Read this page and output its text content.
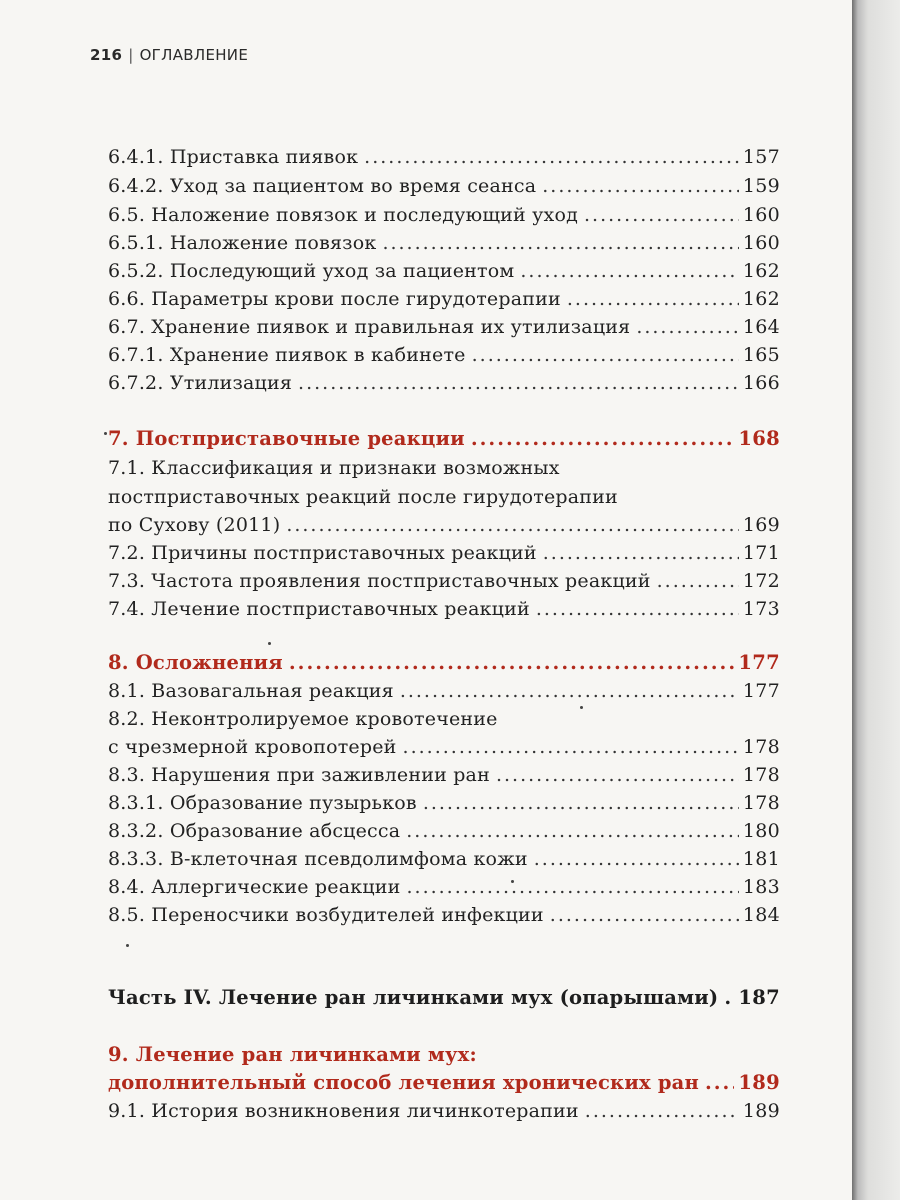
216 | ОГЛАВЛЕНИЕ
6.4.1. Приставка пиявок .....	157
6.4.2. Уход за пациентом во время сеанса .....	159
6.5. Наложение повязок и последующий уход .....	160
6.5.1. Наложение повязок .....	160
6.5.2. Последующий уход за пациентом .....	162
6.6. Параметры крови после гирудотерапии .....	162
6.7. Хранение пиявок и правильная их утилизация .....	164
6.7.1. Хранение пиявок в кабинете .....	165
6.7.2. Утилизация .....	166
7. Постприставочные реакции .....	168
7.1. Классификация и признаки возможных
постприставочных реакций после гирудотерапии
по Сухову (2011) .....	169
7.2. Причины постприставочных реакций .....	171
7.3. Частота проявления постприставочных реакций .....	172
7.4. Лечение постприставочных реакций .....	173
8. Осложнения .....	177
8.1. Вазовагальная реакция .....	177
8.2. Неконтролируемое кровотечение
с чрезмерной кровопотерей .....	178
8.3. Нарушения при заживлении ран .....	178
8.3.1. Образование пузырьков .....	178
8.3.2. Образование абсцесса .....	180
8.3.3. В-клеточная псевдолимфома кожи .....	181
8.4. Аллергические реакции .....	183
8.5. Переносчики возбудителей инфекции .....	184
Часть IV. Лечение ран личинками мух (опарышами) ..... 187
9. Лечение ран личинками мух:
дополнительный способ лечения хронических ран ..... 189
9.1. История возникновения личинкотерапии .....	189
